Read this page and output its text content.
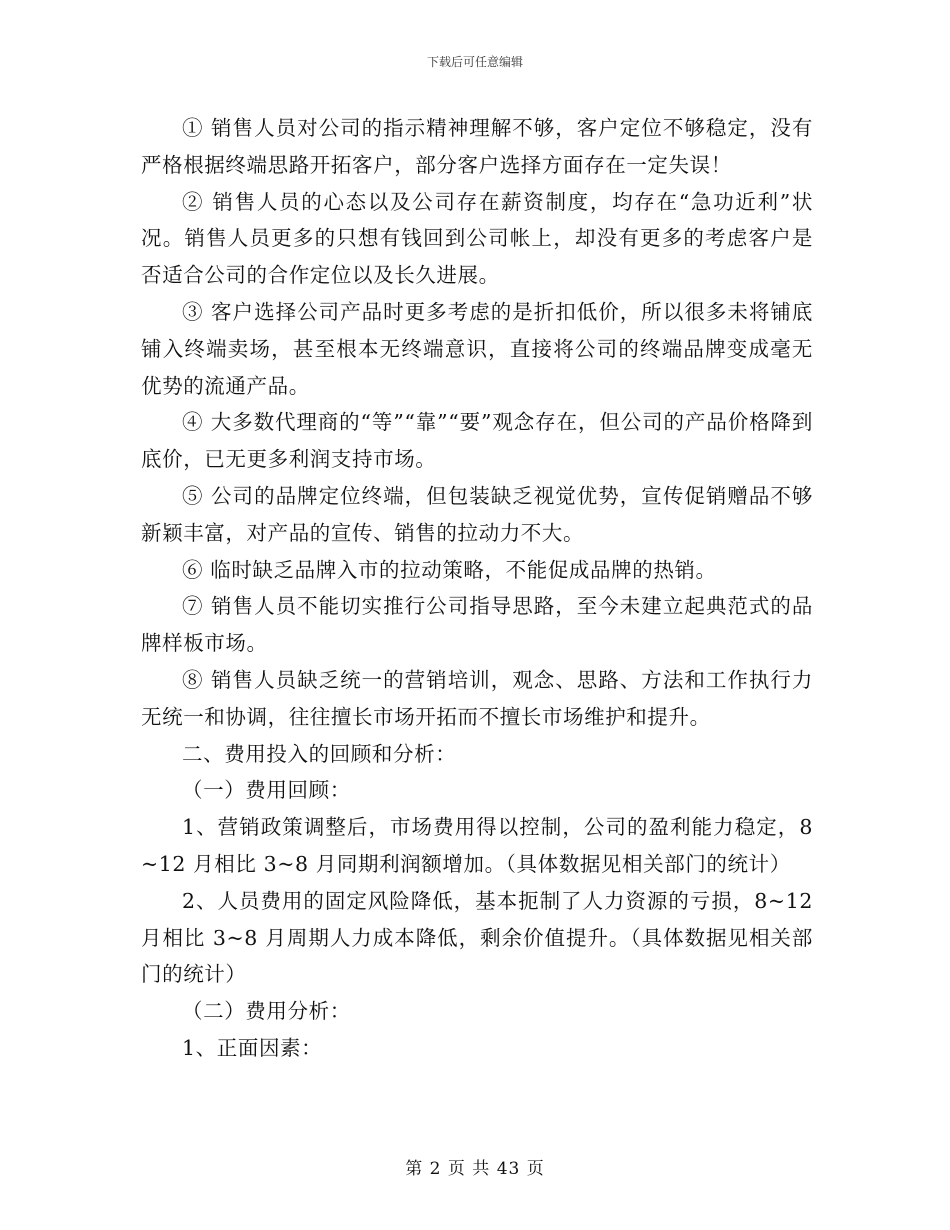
下载后可任意编辑

① 销售人员对公司的指示精神理解不够，客户定位不够稳定，没有严格根据终端思路开拓客户，部分客户选择方面存在一定失误！

② 销售人员的心态以及公司存在薪资制度，均存在“急功近利”状况。销售人员更多的只想有钱回到公司帐上，却没有更多的考虑客户是否适合公司的合作定位以及长久进展。

③ 客户选择公司产品时更多考虑的是折扣低价，所以很多未将铺底铺入终端卖场，甚至根本无终端意识，直接将公司的终端品牌变成毫无优势的流通产品。

④ 大多数代理商的“等”“靠”“要”观念存在，但公司的产品价格降到底价，已无更多利润支持市场。

⑤ 公司的品牌定位终端，但包装缺乏视觉优势，宣传促销赠品不够新颖丰富，对产品的宣传、销售的拉动力不大。

⑥ 临时缺乏品牌入市的拉动策略，不能促成品牌的热销。

⑦ 销售人员不能切实推行公司指导思路，至今未建立起典范式的品牌样板市场。

⑧ 销售人员缺乏统一的营销培训，观念、思路、方法和工作执行力无统一和协调，往往擅长市场开拓而不擅长市场维护和提升。

二、费用投入的回顾和分析：

（一）费用回顾：

1、营销政策调整后，市场费用得以控制，公司的盈利能力稳定，8~12 月相比 3~8 月同期利润额增加。（具体数据见相关部门的统计）

2、人员费用的固定风险降低，基本扼制了人力资源的亏损，8~12 月相比 3~8 月周期人力成本降低，剩余价值提升。（具体数据见相关部门的统计）

（二）费用分析：

1、正面因素：

第 2 页 共 43 页
